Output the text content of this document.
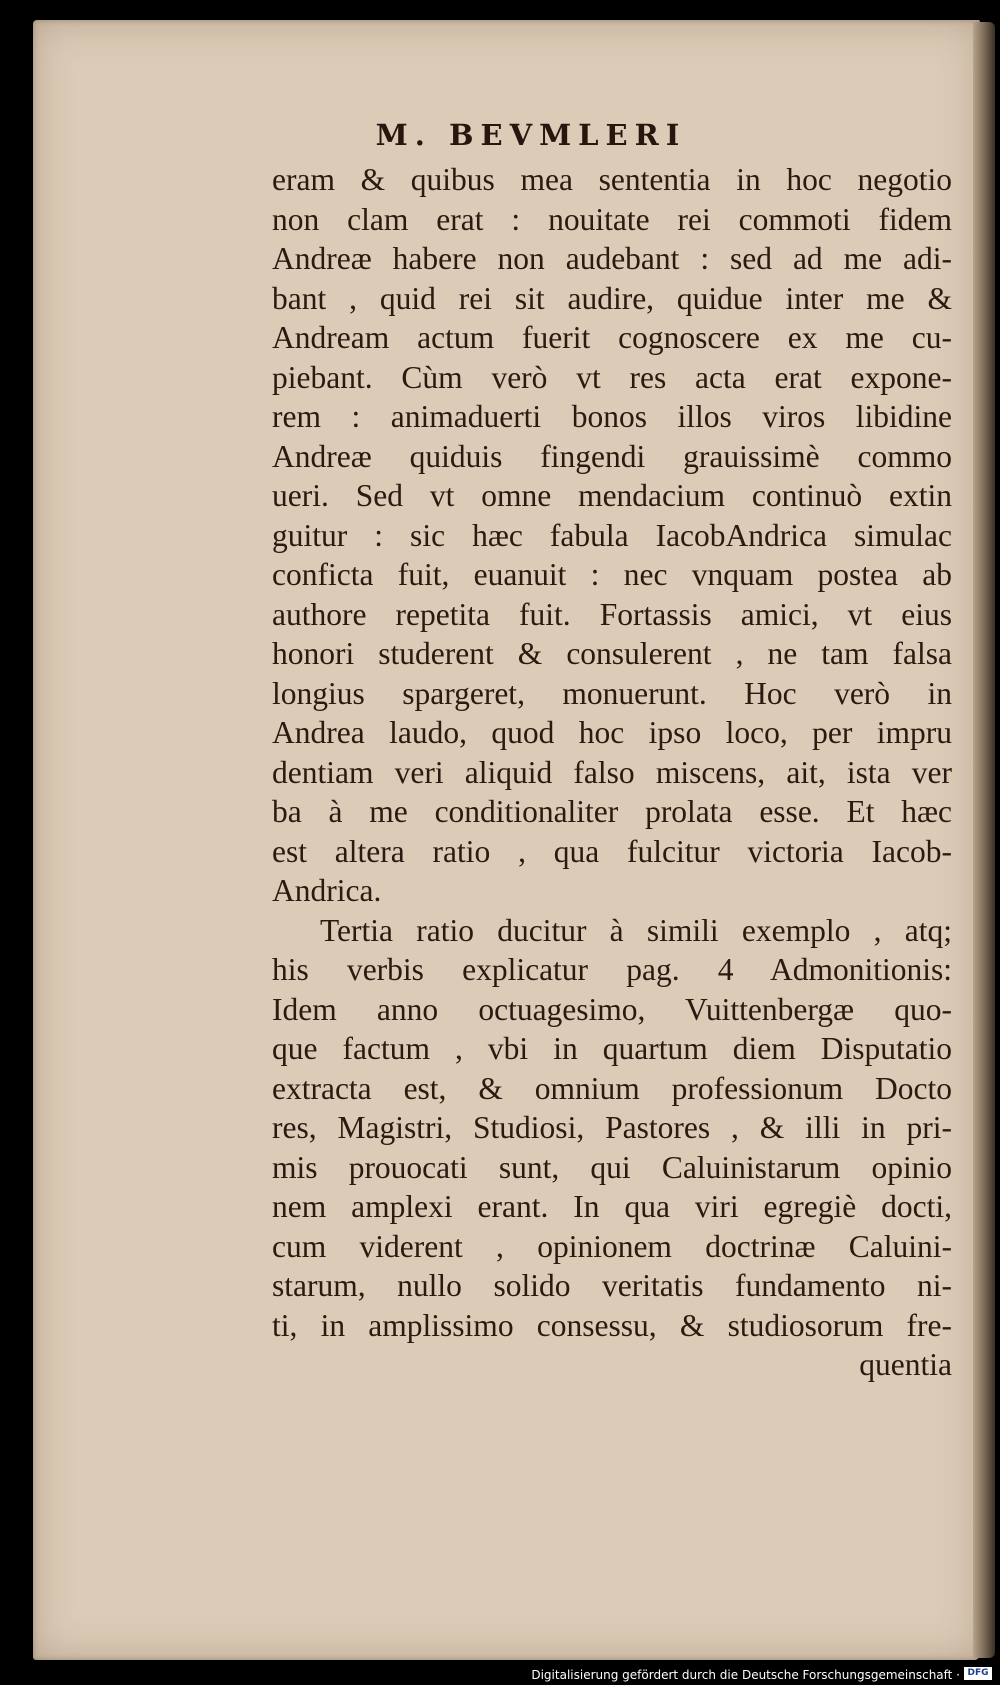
M. BEVMLERI
eram & quibus mea sententia in hoc negotio
non clam erat : nouitate rei commoti fidem
Andreæ habere non audebant : sed ad me adi-
bant , quid rei sit audire, quidue inter me &
Andream actum fuerit cognoscere ex me cu-
piebant. Cùm verò vt res acta erat expone-
rem : animaduerti bonos illos viros libidine
Andreæ quiduis fingendi grauissimè commo
ueri. Sed vt omne mendacium continuò extin
guitur : sic hæc fabula IacobAndrica simulac
conficta fuit, euanuit : nec vnquam postea ab
authore repetita fuit. Fortassis amici, vt eius
honori studerent & consulerent , ne tam falsa
longius spargeret, monuerunt. Hoc verò in
Andrea laudo, quod hoc ipso loco, per impru
dentiam veri aliquid falso miscens, ait, ista ver
ba à me conditionaliter prolata esse. Et hæc
est altera ratio , qua fulcitur victoria Iacob-
Andrica.
Tertia ratio ducitur à simili exemplo , atq;
his verbis explicatur pag. 4 Admonitionis:
Idem anno octuagesimo, Vuittenbergæ quo-
que factum , vbi in quartum diem Disputatio
extracta est, & omnium professionum Docto
res, Magistri, Studiosi, Pastores , & illi in pri-
mis prouocati sunt, qui Caluinistarum opinio
nem amplexi erant. In qua viri egregiè docti,
cum viderent , opinionem doctrinæ Caluini-
starum, nullo solido veritatis fundamento ni-
ti, in amplissimo consessu, & studiosorum fre-
quentia
Digitalisierung gefördert durch die Deutsche Forschungsgemeinschaft · DFG
